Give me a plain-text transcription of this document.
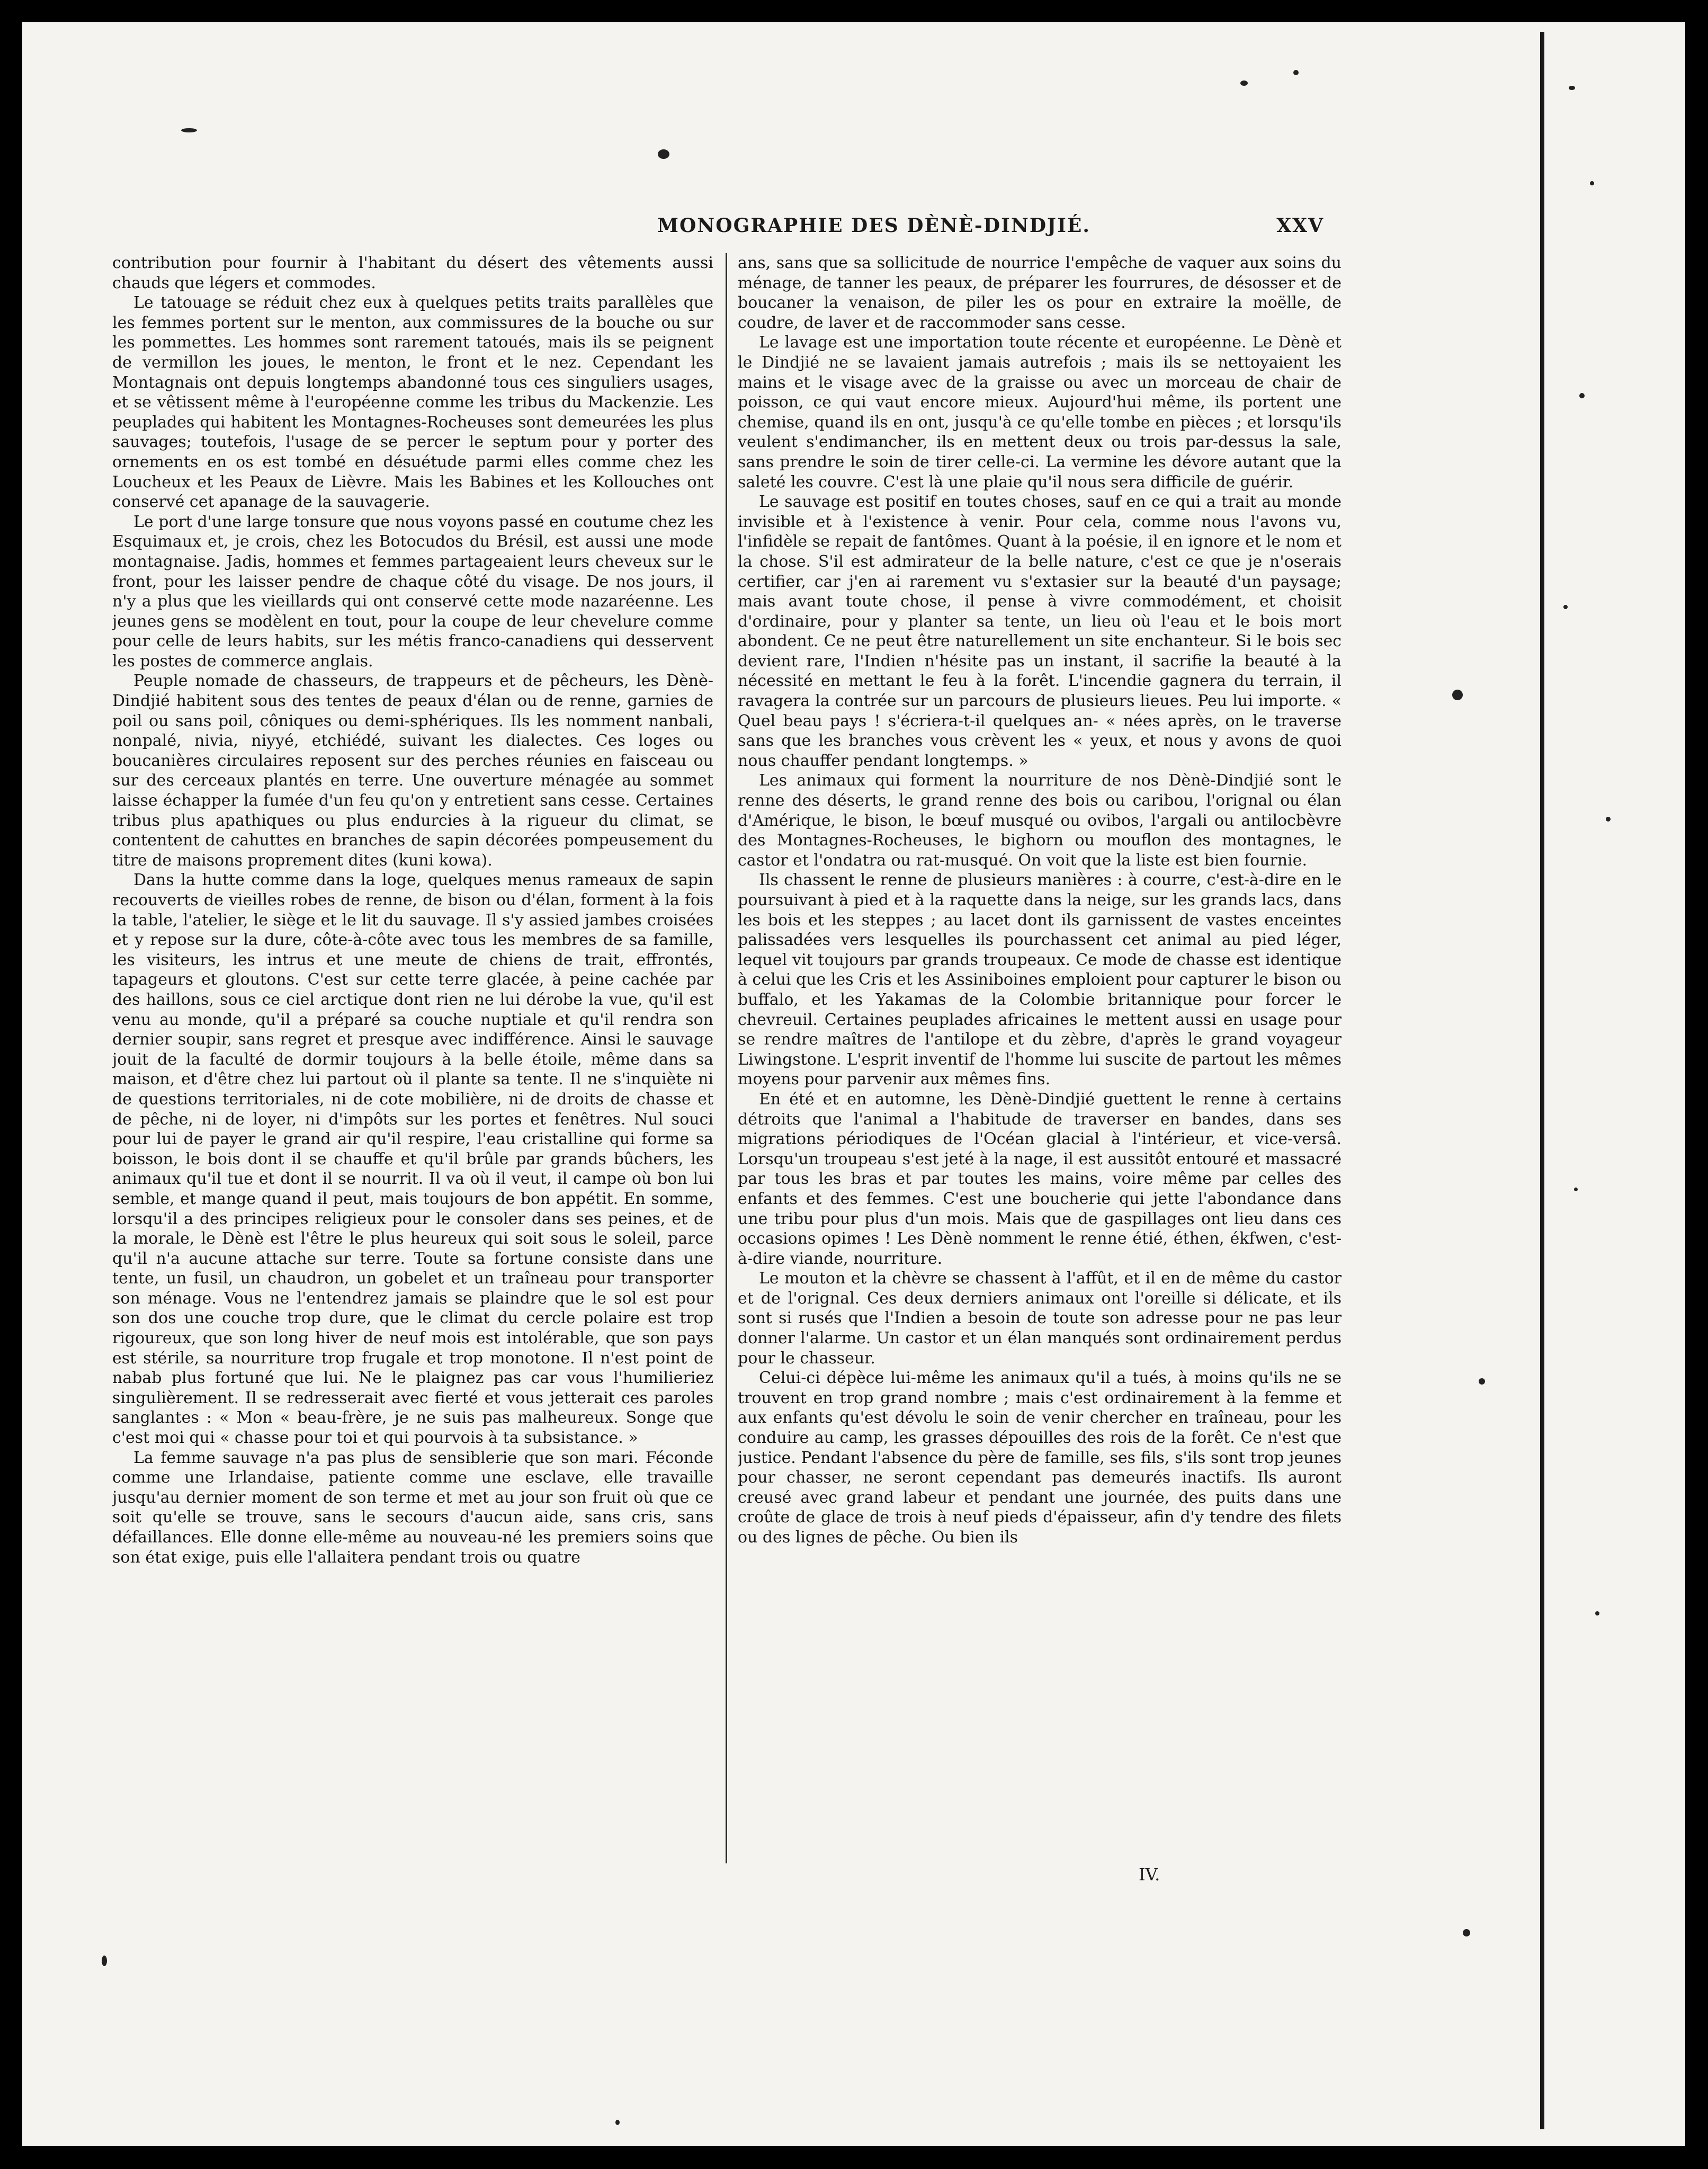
MONOGRAPHIE DES DÈNÈ-DINDJIÉ.	XXV

contribution pour fournir à l'habitant du désert des vêtements aussi chauds que légers et commodes.

Le tatouage se réduit chez eux à quelques petits traits parallèles que les femmes portent sur le menton, aux commissures de la bouche ou sur les pommettes. Les hommes sont rarement tatoués, mais ils se peignent de vermillon les joues, le menton, le front et le nez. Cependant les Montagnais ont depuis longtemps abandonné tous ces singuliers usages, et se vêtissent même à l'européenne comme les tribus du Mackenzie. Les peuplades qui habitent les Montagnes-Rocheuses sont demeurées les plus sauvages; toutefois, l'usage de se percer le septum pour y porter des ornements en os est tombé en désuétude parmi elles comme chez les Loucheux et les Peaux de Lièvre. Mais les Babines et les Kollouches ont conservé cet apanage de la sauvagerie.

Le port d'une large tonsure que nous voyons passé en coutume chez les Esquimaux et, je crois, chez les Botocudos du Brésil, est aussi une mode montagnaise. Jadis, hommes et femmes partageaient leurs cheveux sur le front, pour les laisser pendre de chaque côté du visage. De nos jours, il n'y a plus que les vieillards qui ont conservé cette mode nazaréenne. Les jeunes gens se modèlent en tout, pour la coupe de leur chevelure comme pour celle de leurs habits, sur les métis franco-canadiens qui desservent les postes de commerce anglais.

Peuple nomade de chasseurs, de trappeurs et de pêcheurs, les Dènè-Dindjié habitent sous des tentes de peaux d'élan ou de renne, garnies de poil ou sans poil, côniques ou demi-sphériques. Ils les nomment nanbali, nonpalé, nivia, niyyé, etchiédé, suivant les dialectes. Ces loges ou boucanières circulaires reposent sur des perches réunies en faisceau ou sur des cerceaux plantés en terre. Une ouverture ménagée au sommet laisse échapper la fumée d'un feu qu'on y entretient sans cesse. Certaines tribus plus apathiques ou plus endurcies à la rigueur du climat, se contentent de cahuttes en branches de sapin décorées pompeusement du titre de maisons proprement dites (kuni kowa).

Dans la hutte comme dans la loge, quelques menus rameaux de sapin recouverts de vieilles robes de renne, de bison ou d'élan, forment à la fois la table, l'atelier, le siège et le lit du sauvage. Il s'y assied jambes croisées et y repose sur la dure, côte-à-côte avec tous les membres de sa famille, les visiteurs, les intrus et une meute de chiens de trait, effrontés, tapageurs et gloutons. C'est sur cette terre glacée, à peine cachée par des haillons, sous ce ciel arctique dont rien ne lui dérobe la vue, qu'il est venu au monde, qu'il a préparé sa couche nuptiale et qu'il rendra son dernier soupir, sans regret et presque avec indifférence. Ainsi le sauvage jouit de la faculté de dormir toujours à la belle étoile, même dans sa maison, et d'être chez lui partout où il plante sa tente. Il ne s'inquiète ni de questions territoriales, ni de cote mobilière, ni de droits de chasse et de pêche, ni de loyer, ni d'impôts sur les portes et fenêtres. Nul souci pour lui de payer le grand air qu'il respire, l'eau cristalline qui forme sa boisson, le bois dont il se chauffe et qu'il brûle par grands bûchers, les animaux qu'il tue et dont il se nourrit. Il va où il veut, il campe où bon lui semble, et mange quand il peut, mais toujours de bon appétit. En somme, lorsqu'il a des principes religieux pour le consoler dans ses peines, et de la morale, le Dènè est l'être le plus heureux qui soit sous le soleil, parce qu'il n'a aucune attache sur terre. Toute sa fortune consiste dans une tente, un fusil, un chaudron, un gobelet et un traîneau pour transporter son ménage. Vous ne l'entendrez jamais se plaindre que le sol est pour son dos une couche trop dure, que le climat du cercle polaire est trop rigoureux, que son long hiver de neuf mois est intolérable, que son pays est stérile, sa nourriture trop frugale et trop monotone. Il n'est point de nabab plus fortuné que lui. Ne le plaignez pas car vous l'humilieriez singulièrement. Il se redresserait avec fierté et vous jetterait ces paroles sanglantes : « Mon « beau-frère, je ne suis pas malheureux. Songe que c'est moi qui « chasse pour toi et qui pourvois à ta subsistance. »

La femme sauvage n'a pas plus de sensiblerie que son mari. Féconde comme une Irlandaise, patiente comme une esclave, elle travaille jusqu'au dernier moment de son terme et met au jour son fruit où que ce soit qu'elle se trouve, sans le secours d'aucun aide, sans cris, sans défaillances. Elle donne elle-même au nouveau-né les premiers soins que son état exige, puis elle l'allaitera pendant trois ou quatre

ans, sans que sa sollicitude de nourrice l'empêche de vaquer aux soins du ménage, de tanner les peaux, de préparer les fourrures, de désosser et de boucaner la venaison, de piler les os pour en extraire la moëlle, de coudre, de laver et de raccommoder sans cesse.

Le lavage est une importation toute récente et européenne. Le Dènè et le Dindjié ne se lavaient jamais autrefois ; mais ils se nettoyaient les mains et le visage avec de la graisse ou avec un morceau de chair de poisson, ce qui vaut encore mieux. Aujourd'hui même, ils portent une chemise, quand ils en ont, jusqu'à ce qu'elle tombe en pièces ; et lorsqu'ils veulent s'endimancher, ils en mettent deux ou trois par-dessus la sale, sans prendre le soin de tirer celle-ci. La vermine les dévore autant que la saleté les couvre. C'est là une plaie qu'il nous sera difficile de guérir.

Le sauvage est positif en toutes choses, sauf en ce qui a trait au monde invisible et à l'existence à venir. Pour cela, comme nous l'avons vu, l'infidèle se repait de fantômes. Quant à la poésie, il en ignore et le nom et la chose. S'il est admirateur de la belle nature, c'est ce que je n'oserais certifier, car j'en ai rarement vu s'extasier sur la beauté d'un paysage; mais avant toute chose, il pense à vivre commodément, et choisit d'ordinaire, pour y planter sa tente, un lieu où l'eau et le bois mort abondent. Ce ne peut être naturellement un site enchanteur. Si le bois sec devient rare, l'Indien n'hésite pas un instant, il sacrifie la beauté à la nécessité en mettant le feu à la forêt. L'incendie gagnera du terrain, il ravagera la contrée sur un parcours de plusieurs lieues. Peu lui importe. « Quel beau pays ! s'écriera-t-il quelques an- « nées après, on le traverse sans que les branches vous crèvent les « yeux, et nous y avons de quoi nous chauffer pendant longtemps. »

Les animaux qui forment la nourriture de nos Dènè-Dindjié sont le renne des déserts, le grand renne des bois ou caribou, l'orignal ou élan d'Amérique, le bison, le bœuf musqué ou ovibos, l'argali ou antilocbèvre des Montagnes-Rocheuses, le bighorn ou mouflon des montagnes, le castor et l'ondatra ou rat-musqué. On voit que la liste est bien fournie.

Ils chassent le renne de plusieurs manières : à courre, c'est-à-dire en le poursuivant à pied et à la raquette dans la neige, sur les grands lacs, dans les bois et les steppes ; au lacet dont ils garnissent de vastes enceintes palissadées vers lesquelles ils pourchassent cet animal au pied léger, lequel vit toujours par grands troupeaux. Ce mode de chasse est identique à celui que les Cris et les Assiniboines emploient pour capturer le bison ou buffalo, et les Yakamas de la Colombie britannique pour forcer le chevreuil. Certaines peuplades africaines le mettent aussi en usage pour se rendre maîtres de l'antilope et du zèbre, d'après le grand voyageur Liwingstone. L'esprit inventif de l'homme lui suscite de partout les mêmes moyens pour parvenir aux mêmes fins.

En été et en automne, les Dènè-Dindjié guettent le renne à certains détroits que l'animal a l'habitude de traverser en bandes, dans ses migrations périodiques de l'Océan glacial à l'intérieur, et vice-versâ. Lorsqu'un troupeau s'est jeté à la nage, il est aussitôt entouré et massacré par tous les bras et par toutes les mains, voire même par celles des enfants et des femmes. C'est une boucherie qui jette l'abondance dans une tribu pour plus d'un mois. Mais que de gaspillages ont lieu dans ces occasions opimes ! Les Dènè nomment le renne étié, éthen, ékfwen, c'est-à-dire viande, nourriture.

Le mouton et la chèvre se chassent à l'affût, et il en de même du castor et de l'orignal. Ces deux derniers animaux ont l'oreille si délicate, et ils sont si rusés que l'Indien a besoin de toute son adresse pour ne pas leur donner l'alarme. Un castor et un élan manqués sont ordinairement perdus pour le chasseur.

Celui-ci dépèce lui-même les animaux qu'il a tués, à moins qu'ils ne se trouvent en trop grand nombre ; mais c'est ordinairement à la femme et aux enfants qu'est dévolu le soin de venir chercher en traîneau, pour les conduire au camp, les grasses dépouilles des rois de la forêt. Ce n'est que justice. Pendant l'absence du père de famille, ses fils, s'ils sont trop jeunes pour chasser, ne seront cependant pas demeurés inactifs. Ils auront creusé avec grand labeur et pendant une journée, des puits dans une croûte de glace de trois à neuf pieds d'épaisseur, afin d'y tendre des filets ou des lignes de pêche. Ou bien ils

IV.
